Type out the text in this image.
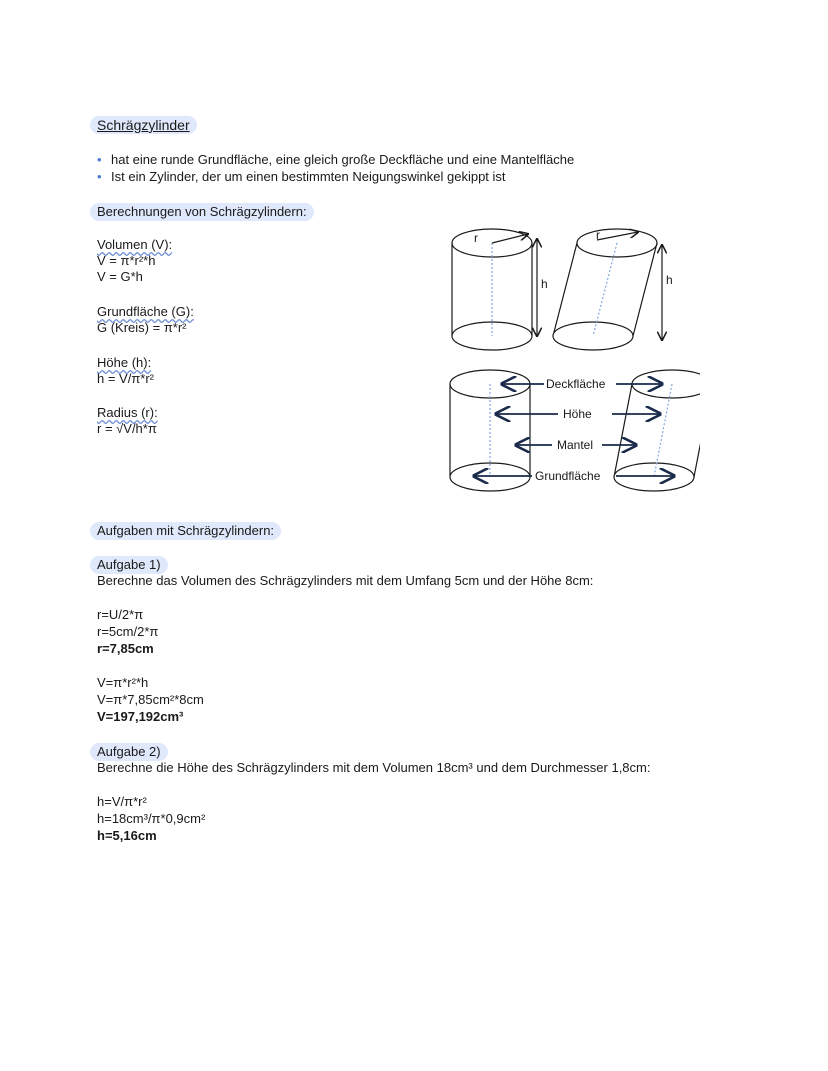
Schrägzylinder
• hat eine runde Grundfläche, eine gleich große Deckfläche und eine Mantelfläche
• Ist ein Zylinder, der um einen bestimmten Neigungswinkel gekippt ist
Berechnungen von Schrägzylindern:
Volumen (V):
V = π*r²*h
V = G*h
Grundfläche (G):
G (Kreis) = π*r²
Höhe (h):
h = V/π*r²
Radius (r):
r = √V/h*π
r
h
r
h
Deckfläche
Höhe
Mantel
Grundfläche
Aufgaben mit Schrägzylindern:
Aufgabe 1)
Berechne das Volumen des Schrägzylinders mit dem Umfang 5cm und der Höhe 8cm:
r=U/2*π
r=5cm/2*π
r=7,85cm
V=π*r²*h
V=π*7,85cm²*8cm
V=197,192cm³
Aufgabe 2)
Berechne die Höhe des Schrägzylinders mit dem Volumen 18cm³ und dem Durchmesser 1,8cm:
h=V/π*r²
h=18cm³/π*0,9cm²
h=5,16cm
